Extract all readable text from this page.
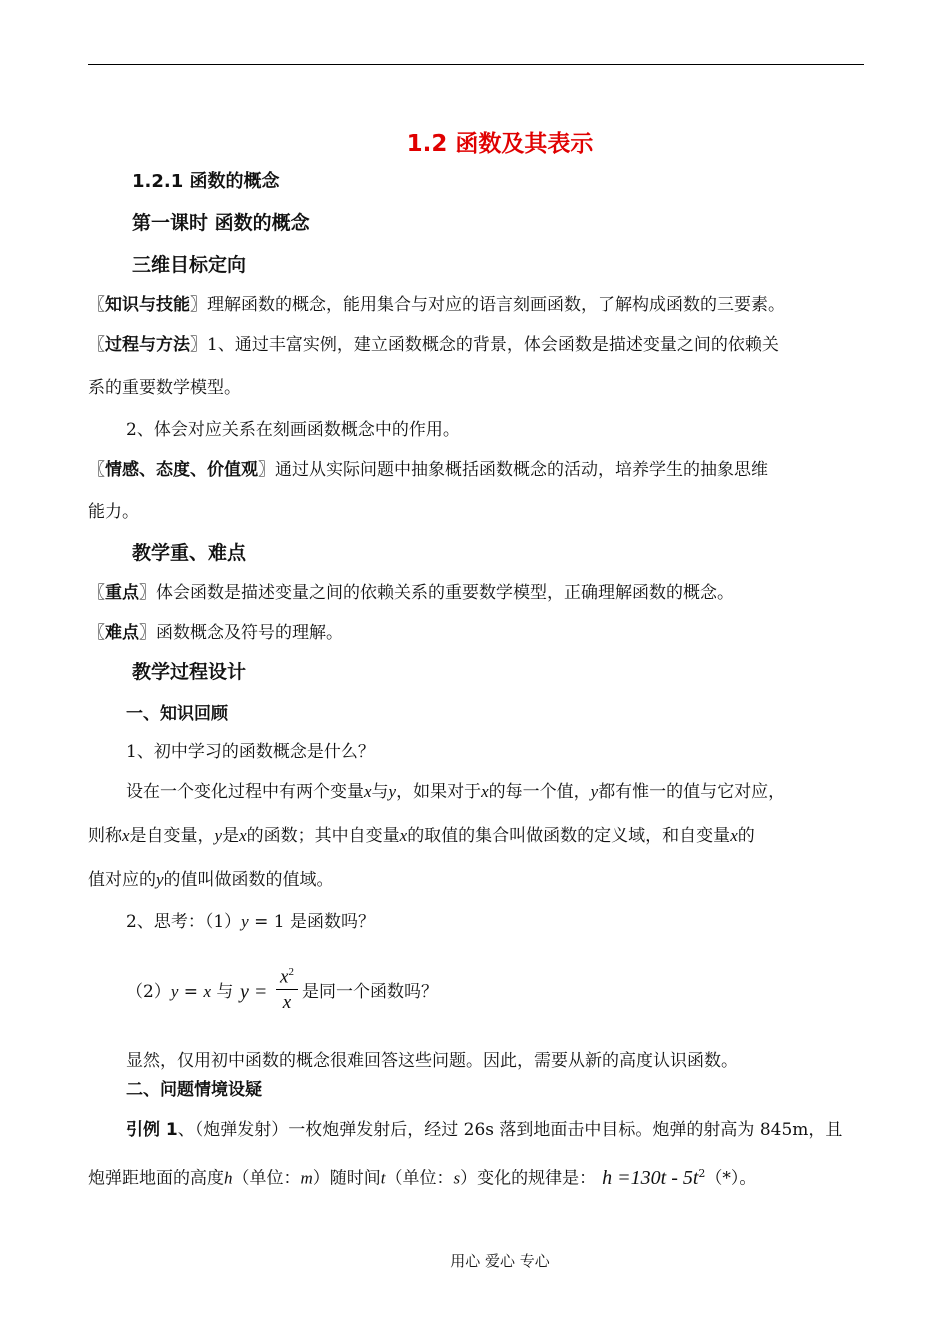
1.2 函数及其表示
1.2.1 函数的概念
第一课时 函数的概念
三维目标定向
〖知识与技能〗理解函数的概念，能用集合与对应的语言刻画函数，了解构成函数的三要素。
〖过程与方法〗1、通过丰富实例，建立函数概念的背景，体会函数是描述变量之间的依赖关
系的重要数学模型。
2、体会对应关系在刻画函数概念中的作用。
〖情感、态度、价值观〗通过从实际问题中抽象概括函数概念的活动，培养学生的抽象思维
能力。
教学重、难点
〖重点〗体会函数是描述变量之间的依赖关系的重要数学模型，正确理解函数的概念。
〖难点〗函数概念及符号的理解。
教学过程设计
一、知识回顾
1、初中学习的函数概念是什么？
设在一个变化过程中有两个变量x与y，如果对于x的每一个值，y都有惟一的值与它对应，
则称x是自变量，y是x的函数；其中自变量x的取值的集合叫做函数的定义域，和自变量x的
值对应的y的值叫做函数的值域。
2、思考：（1）y = 1 是函数吗？
（2）y = x 与 y =
$x^2$
x
是同一个函数吗？
显然，仅用初中函数的概念很难回答这些问题。因此，需要从新的高度认识函数。
二、问题情境设疑
引例 1、（炮弹发射）一枚炮弹发射后，经过 26s 落到地面击中目标。炮弹的射高为 845m，且
炮弹距地面的高度h（单位：m）随时间t（单位：s）变化的规律是： $h =130t - 5t^2(*)$。
用心 爱心 专心
